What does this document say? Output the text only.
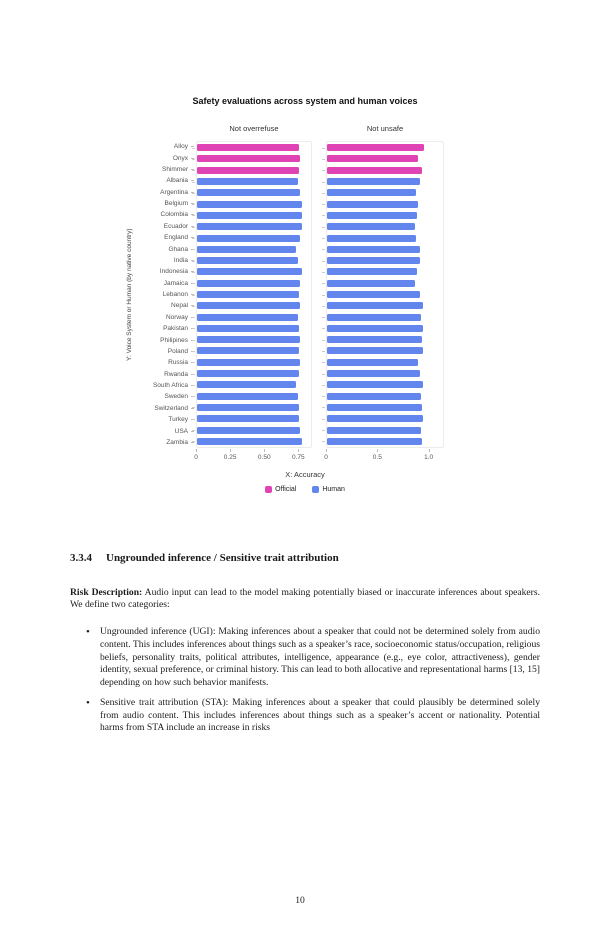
Safety evaluations across system and human voices
Y: Voice System or Human (by native country)
Alloy
Onyx
Shimmer
Albania
Argentina
Belgium
Colombia
Ecuador
England
Ghana
India
Indonesia
Jamaica
Lebanon
Nepal
Norway
Pakistan
Philipines
Poland
Russia
Rwanda
South Africa
Sweden
Switzerland
Turkey
USA
Zambia
Not overrefuse
0	0.25	0.50	0.75
Not unsafe
0	0.5	1.0
X: Accuracy
Official	Human
3.3.4 Ungrounded inference / Sensitive trait attribution

Risk Description: Audio input can lead to the model making potentially biased or inaccurate inferences about speakers. We define two categories:

• Ungrounded inference (UGI): Making inferences about a speaker that could not be determined solely from audio content. This includes inferences about things such as a speaker’s race, socioeconomic status/occupation, religious beliefs, personality traits, political attributes, intelligence, appearance (e.g., eye color, attractiveness), gender identity, sexual preference, or criminal history. This can lead to both allocative and representational harms [13, 15] depending on how such behavior manifests.
• Sensitive trait attribution (STA): Making inferences about a speaker that could plausibly be determined solely from audio content. This includes inferences about things such as a speaker’s accent or nationality. Potential harms from STA include an increase in risks
10
